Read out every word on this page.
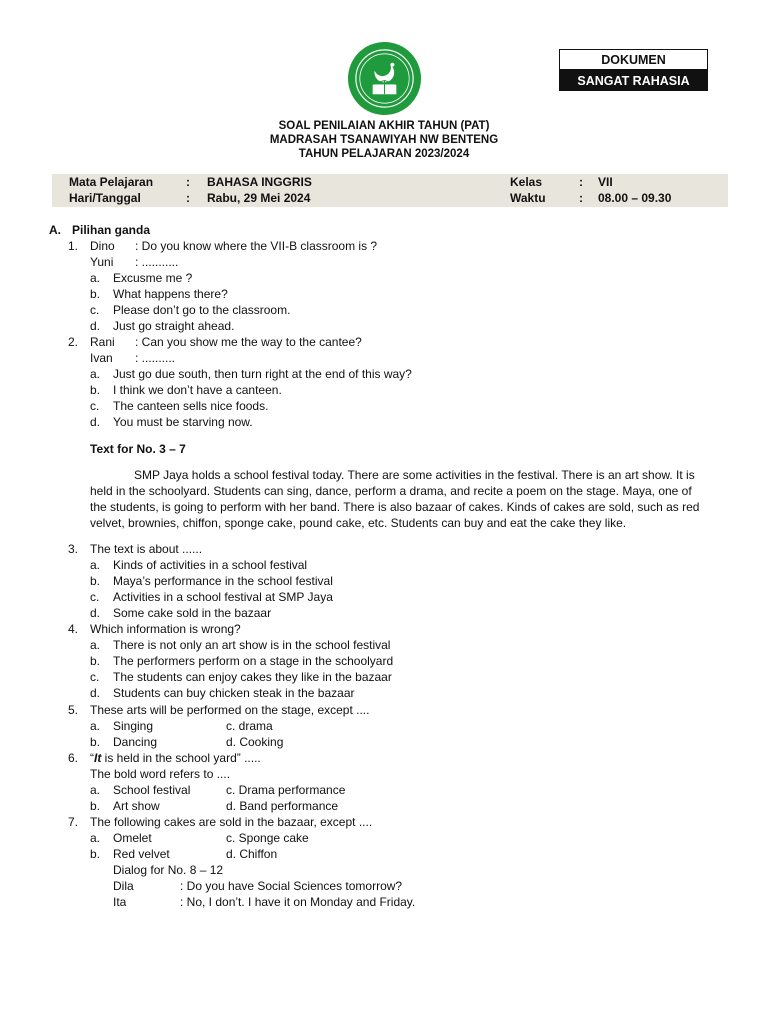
DOKUMEN
SANGAT RAHASIA
SOAL PENILAIAN AKHIR TAHUN (PAT)
MADRASAH TSANAWIYAH NW BENTENG
TAHUN PELAJARAN 2023/2024
Mata Pelajaran	: BAHASA INGGRIS
Hari/Tanggal	: Rabu, 29 Mei 2024
Kelas	: VII
Waktu	: 08.00 – 09.30
A. Pilihan ganda
1. Dino : Do you know where the VII-B classroom is ?
Yuni : ...........
a. Excusme me ?
b. What happens there?
c. Please don’t go to the classroom.
d. Just go straight ahead.
2. Rani : Can you show me the way to the cantee?
Ivan : ..........
a. Just go due south, then turn right at the end of this way?
b. I think we don’t have a canteen.
c. The canteen sells nice foods.
d. You must be starving now.
Text for No. 3 – 7
SMP Jaya holds a school festival today. There are some activities in the festival. There is an art show. It is
held in the schoolyard. Students can sing, dance, perform a drama, and recite a poem on the stage. Maya, one of
the students, is going to perform with her band. There is also bazaar of cakes. Kinds of cakes are sold, such as red
velvet, brownies, chiffon, sponge cake, pound cake, etc. Students can buy and eat the cake they like.
3. The text is about ......
a. Kinds of activities in a school festival
b. Maya’s performance in the school festival
c. Activities in a school festival at SMP Jaya
d. Some cake sold in the bazaar
4. Which information is wrong?
a. There is not only an art show is in the school festival
b. The performers perform on a stage in the schoolyard
c. The students can enjoy cakes they like in the bazaar
d. Students can buy chicken steak in the bazaar
5. These arts will be performed on the stage, except ....
a. Singing	c. drama
b. Dancing	d. Cooking
6. “It is held in the school yard” .....
The bold word refers to ....
a. School festival	c. Drama performance
b. Art show	d. Band performance
7. The following cakes are sold in the bazaar, except ....
a. Omelet	c. Sponge cake
b. Red velvet	d. Chiffon
Dialog for No. 8 – 12
Dila	: Do you have Social Sciences tomorrow?
Ita	: No, I don’t. I have it on Monday and Friday.
